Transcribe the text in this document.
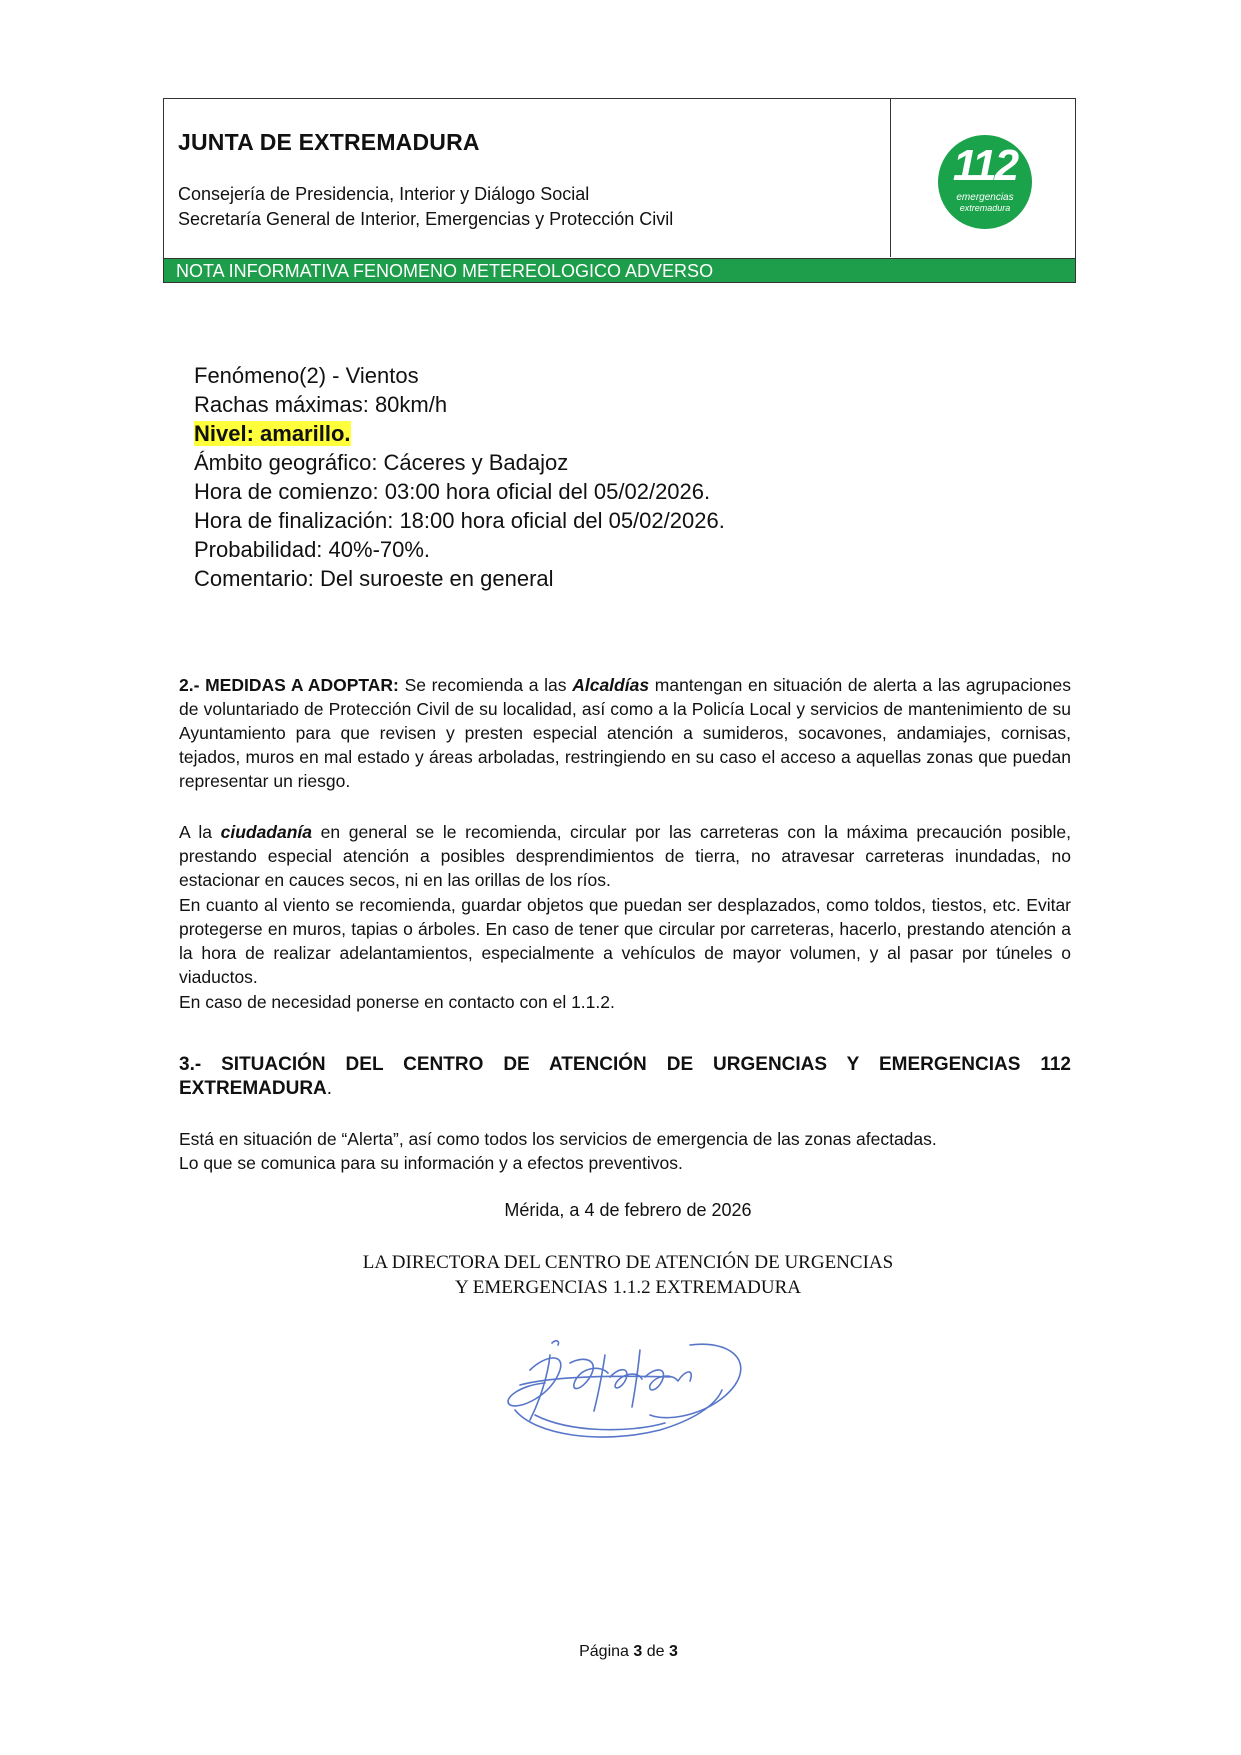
JUNTA DE EXTREMADURA
Consejería de Presidencia, Interior y Diálogo Social
Secretaría General de Interior, Emergencias y Protección Civil
112
emergencias
extremadura
NOTA INFORMATIVA FENOMENO METEREOLOGICO ADVERSO
Fenómeno(2) - Vientos
Rachas máximas: 80km/h
Nivel: amarillo.
Ámbito geográfico: Cáceres y Badajoz
Hora de comienzo: 03:00 hora oficial del 05/02/2026.
Hora de finalización: 18:00 hora oficial del 05/02/2026.
Probabilidad: 40%-70%.
Comentario: Del suroeste en general
2.- MEDIDAS A ADOPTAR: Se recomienda a las Alcaldías mantengan en situación de alerta a las agrupaciones de voluntariado de Protección Civil de su localidad, así como a la Policía Local y servicios de mantenimiento de su Ayuntamiento para que revisen y presten especial atención a sumideros, socavones, andamiajes, cornisas, tejados, muros en mal estado y áreas arboladas, restringiendo en su caso el acceso a aquellas zonas que puedan representar un riesgo.
A la ciudadanía en general se le recomienda, circular por las carreteras con la máxima precaución posible, prestando especial atención a posibles desprendimientos de tierra, no atravesar carreteras inundadas, no estacionar en cauces secos, ni en las orillas de los ríos.
En cuanto al viento se recomienda, guardar objetos que puedan ser desplazados, como toldos, tiestos, etc. Evitar protegerse en muros, tapias o árboles. En caso de tener que circular por carreteras, hacerlo, prestando atención a la hora de realizar adelantamientos, especialmente a vehículos de mayor volumen, y al pasar por túneles o viaductos.
En caso de necesidad ponerse en contacto con el 1.1.2.
3.- SITUACIÓN DEL CENTRO DE ATENCIÓN DE URGENCIAS Y EMERGENCIAS 112 EXTREMADURA.
Está en situación de “Alerta”, así como todos los servicios de emergencia de las zonas afectadas.
Lo que se comunica para su información y a efectos preventivos.
Mérida, a 4 de febrero de 2026
LA DIRECTORA DEL CENTRO DE ATENCIÓN DE URGENCIAS
Y EMERGENCIAS 1.1.2 EXTREMADURA
Página 3 de 3
